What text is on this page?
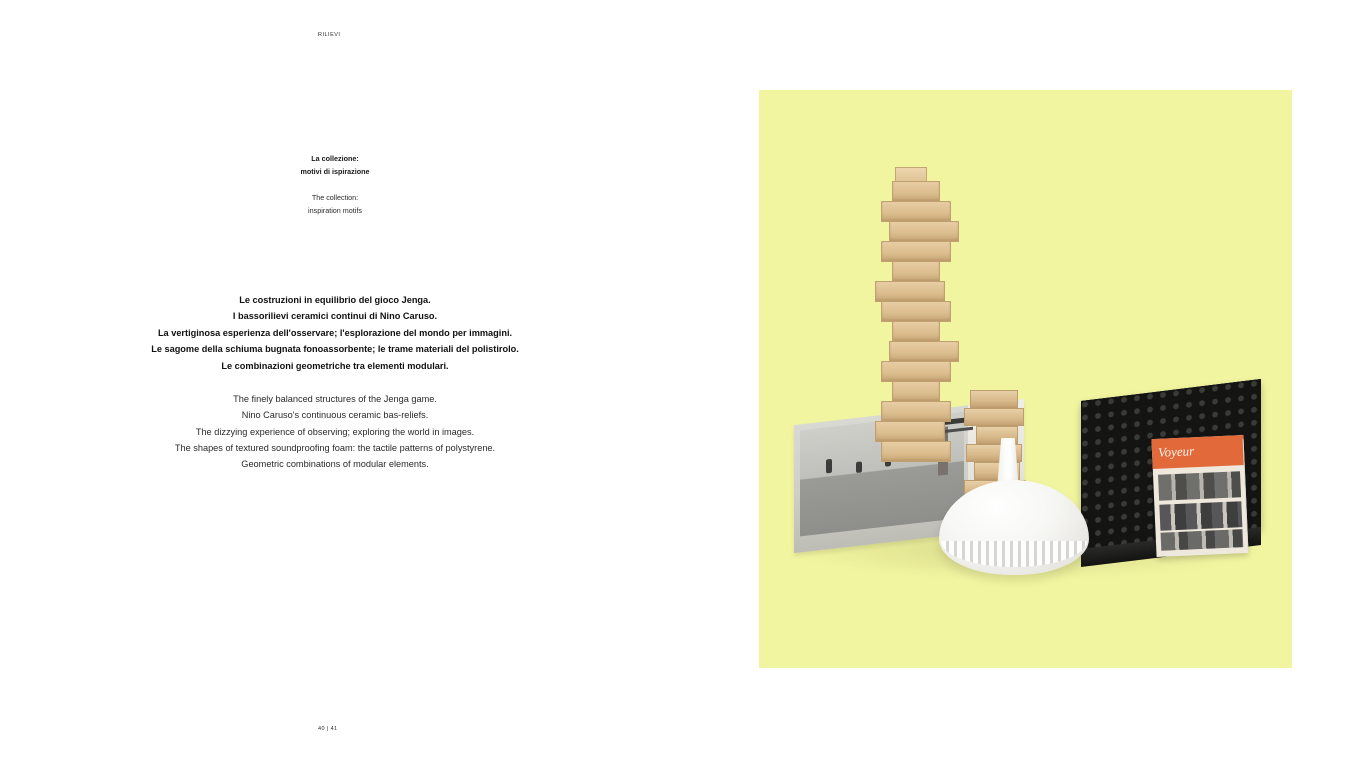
RILIEVI
La collezione:
motivi di ispirazione
The collection:
inspiration motifs
Le costruzioni in equilibrio del gioco Jenga.
I bassorilievi ceramici continui di Nino Caruso.
La vertiginosa esperienza dell'osservare; l'esplorazione del mondo per immagini.
Le sagome della schiuma bugnata fonoassorbente; le trame materiali del polistirolo.
Le combinazioni geometriche tra elementi modulari.
The finely balanced structures of the Jenga game.
Nino Caruso's continuous ceramic bas-reliefs.
The dizzying experience of observing; exploring the world in images.
The shapes of textured soundproofing foam: the tactile patterns of polystyrene.
Geometric combinations of modular elements.
40 | 41
Voyeur
